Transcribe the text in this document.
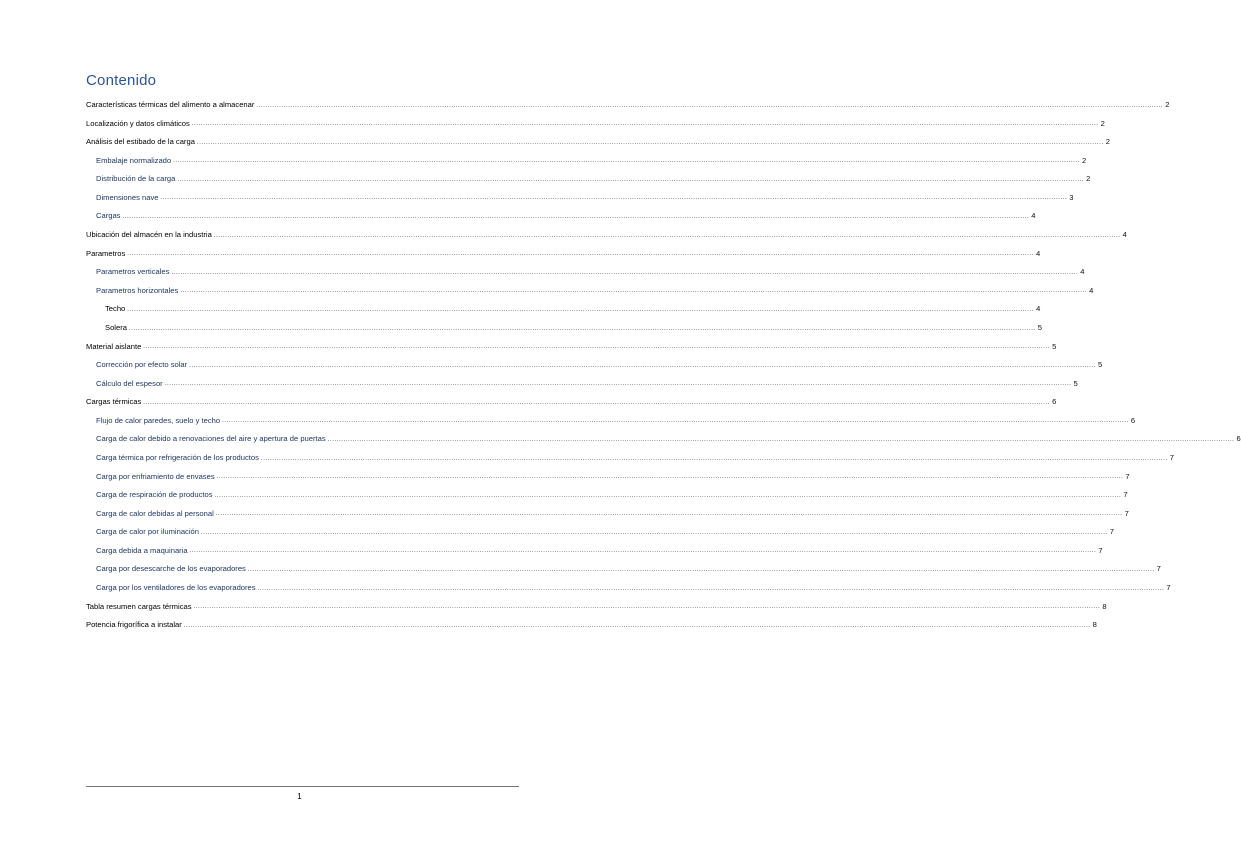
Contenido
Características térmicas del alimento a almacenar ................................................................................................................................................................................................................................................................................................................................................................................................................ 2
Localización y datos climáticos ................................................................................................................................................................................................................................................................................................................................................................................................................ 2
Análisis del estibado de la carga ................................................................................................................................................................................................................................................................................................................................................................................................................ 2
Embalaje normalizado ................................................................................................................................................................................................................................................................................................................................................................................................................ 2
Distribución de la carga ................................................................................................................................................................................................................................................................................................................................................................................................................ 2
Dimensiones nave ................................................................................................................................................................................................................................................................................................................................................................................................................ 3
Cargas ................................................................................................................................................................................................................................................................................................................................................................................................................ 4
Ubicación del almacén en la industria ................................................................................................................................................................................................................................................................................................................................................................................................................ 4
Parametros ................................................................................................................................................................................................................................................................................................................................................................................................................ 4
Parametros verticales ................................................................................................................................................................................................................................................................................................................................................................................................................ 4
Parametros horizontales ................................................................................................................................................................................................................................................................................................................................................................................................................ 4
Techo ................................................................................................................................................................................................................................................................................................................................................................................................................ 4
Solera ................................................................................................................................................................................................................................................................................................................................................................................................................ 5
Material aislante ................................................................................................................................................................................................................................................................................................................................................................................................................ 5
Corrección por efecto solar ................................................................................................................................................................................................................................................................................................................................................................................................................ 5
Cálculo del espesor ................................................................................................................................................................................................................................................................................................................................................................................................................ 5
Cargas térmicas ................................................................................................................................................................................................................................................................................................................................................................................................................ 6
Flujo de calor paredes, suelo y techo ................................................................................................................................................................................................................................................................................................................................................................................................................ 6
Carga de calor debido a renovaciones del aire y apertura de puertas ................................................................................................................................................................................................................................................................................................................................................................................................................ 6
Carga térmica por refrigeración de los productos ................................................................................................................................................................................................................................................................................................................................................................................................................ 7
Carga por enfriamiento de envases ................................................................................................................................................................................................................................................................................................................................................................................................................ 7
Carga de respiración de productos ................................................................................................................................................................................................................................................................................................................................................................................................................ 7
Carga de calor debidas al personal ................................................................................................................................................................................................................................................................................................................................................................................................................ 7
Carga de calor por iluminación ................................................................................................................................................................................................................................................................................................................................................................................................................ 7
Carga debida a maquinaria ................................................................................................................................................................................................................................................................................................................................................................................................................ 7
Carga por desescarche de los evaporadores ................................................................................................................................................................................................................................................................................................................................................................................................................ 7
Carga por los ventiladores de los evaporadores ................................................................................................................................................................................................................................................................................................................................................................................................................ 7
Tabla resumen cargas térmicas ................................................................................................................................................................................................................................................................................................................................................................................................................ 8
Potencia frigorífica a instalar ................................................................................................................................................................................................................................................................................................................................................................................................................ 8
1
